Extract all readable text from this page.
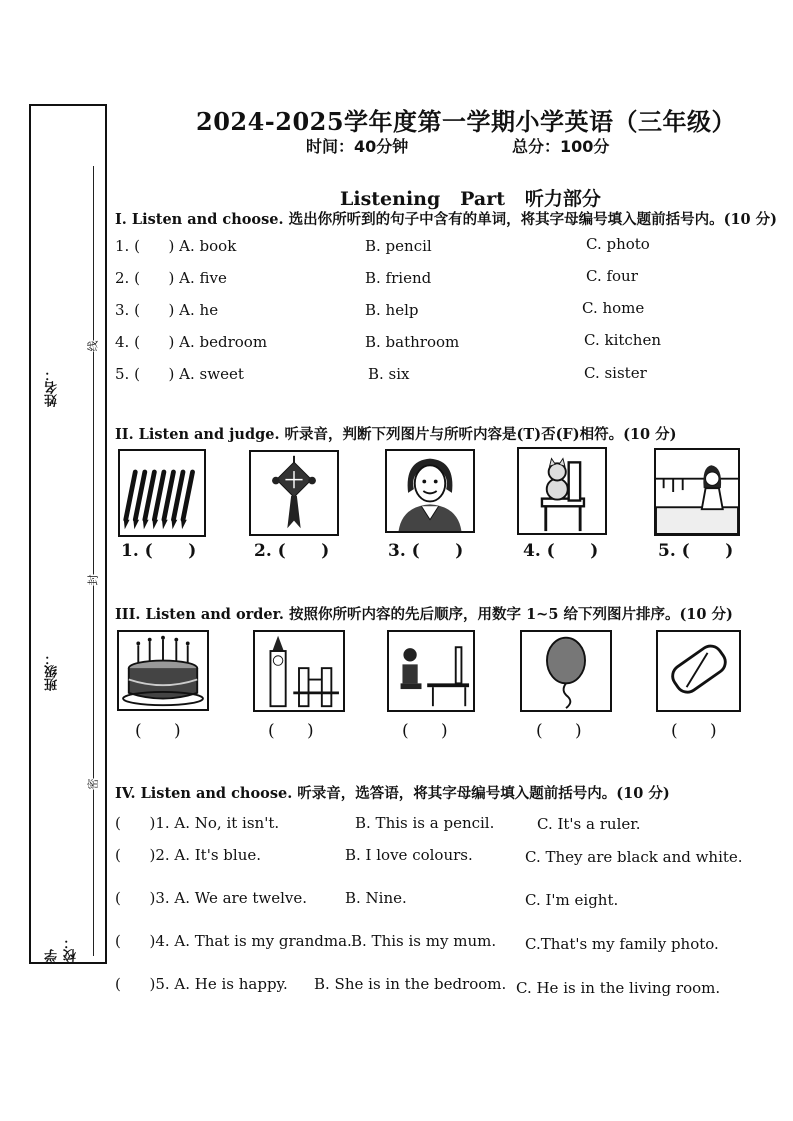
线
封
密
姓名：
班级：
学校：
2024-2025学年度第一学期小学英语（三年级）
时间：40分钟	总分：100分
Listening   Part   听力部分
I. Listen and choose. 选出你所听到的句子中含有的单词，将其字母编号填入题前括号内。(10 分)
1. (      ) A. book	B. pencil	C. photo
2. (      ) A. five	B. friend	C. four
3. (      ) A. he	B. help	C. home
4. (      ) A. bedroom	B. bathroom	C. kitchen
5. (      ) A. sweet	B. six	C. sister
II. Listen and judge. 听录音，判断下列图片与所听内容是(T)否(F)相符。(10 分)
1. (      )	2. (      )	3. (      )	4. (      )	5. (      )
III. Listen and order. 按照你所听内容的先后顺序，用数字 1~5 给下列图片排序。(10 分)
(      )	(      )	(      )	(      )	(      )
IV. Listen and choose. 听录音，选答语，将其字母编号填入题前括号内。(10 分)
(      )1. A. No, it isn't.	B. This is a pencil.	C. It's a ruler.
(      )2. A. It's blue.	B. I love colours.	C. They are black and white.
(      )3. A. We are twelve.	B. Nine.	C. I'm eight.
(      )4. A. That is my grandma. B. This is my mum. C.That's my family photo.
(      )5. A. He is happy. B. She is in the bedroom. C. He is in the living room.
